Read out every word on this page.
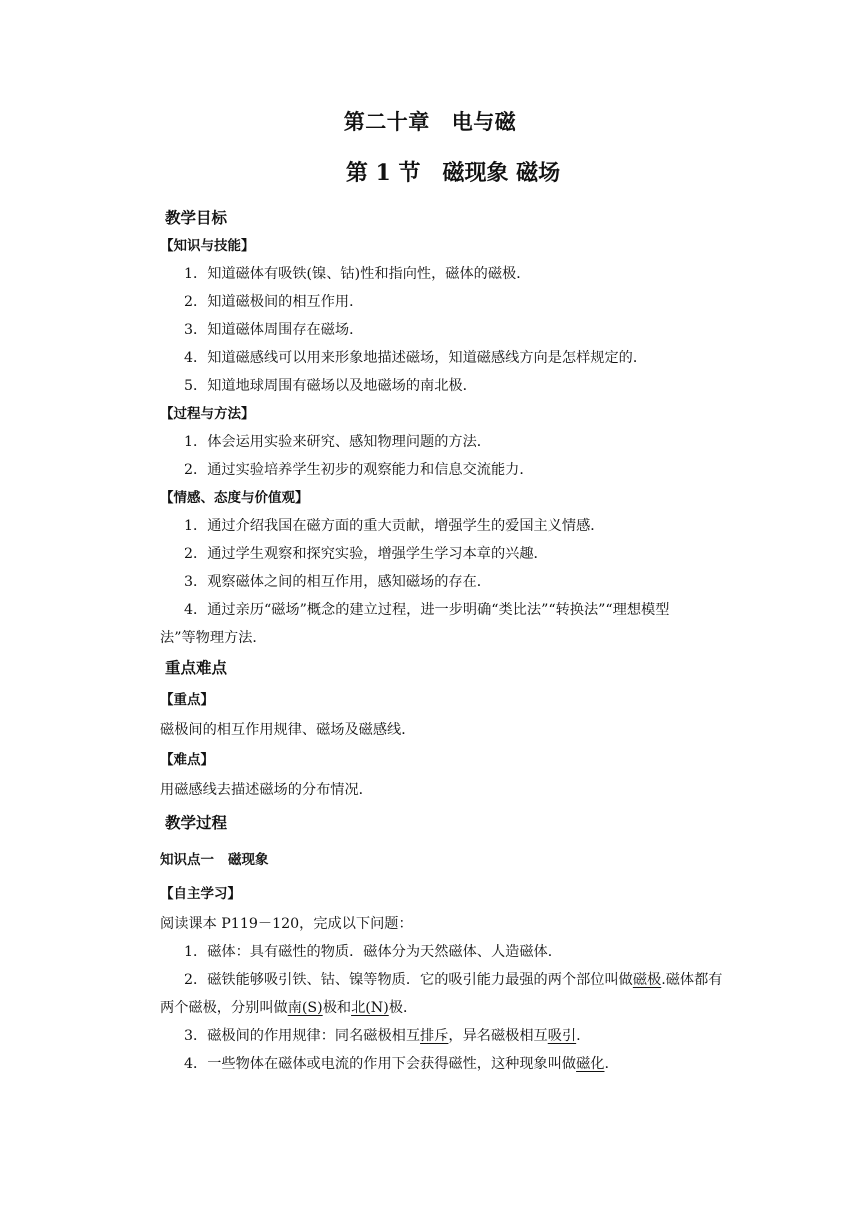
第二十章 电与磁
第 1 节 磁现象 磁场
教学目标
【知识与技能】
1．知道磁体有吸铁(镍、钴)性和指向性，磁体的磁极．
2．知道磁极间的相互作用．
3．知道磁体周围存在磁场．
4．知道磁感线可以用来形象地描述磁场，知道磁感线方向是怎样规定的．
5．知道地球周围有磁场以及地磁场的南北极．
【过程与方法】
1．体会运用实验来研究、感知物理问题的方法．
2．通过实验培养学生初步的观察能力和信息交流能力．
【情感、态度与价值观】
1．通过介绍我国在磁方面的重大贡献，增强学生的爱国主义情感．
2．通过学生观察和探究实验，增强学生学习本章的兴趣．
3．观察磁体之间的相互作用，感知磁场的存在．
4．通过亲历“磁场”概念的建立过程，进一步明确“类比法”“转换法”“理想模型
法”等物理方法．
重点难点
【重点】
磁极间的相互作用规律、磁场及磁感线．
【难点】
用磁感线去描述磁场的分布情况．
教学过程
知识点一 磁现象
【自主学习】
阅读课本 P119－120，完成以下问题：
1．磁体：具有磁性的物质．磁体分为天然磁体、人造磁体．
2．磁铁能够吸引铁、钴、镍等物质．它的吸引能力最强的两个部位叫做磁极.磁体都有
两个磁极，分别叫做南(S)极和北(N)极．
3．磁极间的作用规律：同名磁极相互排斥，异名磁极相互吸引.
4．一些物体在磁体或电流的作用下会获得磁性，这种现象叫做磁化.
